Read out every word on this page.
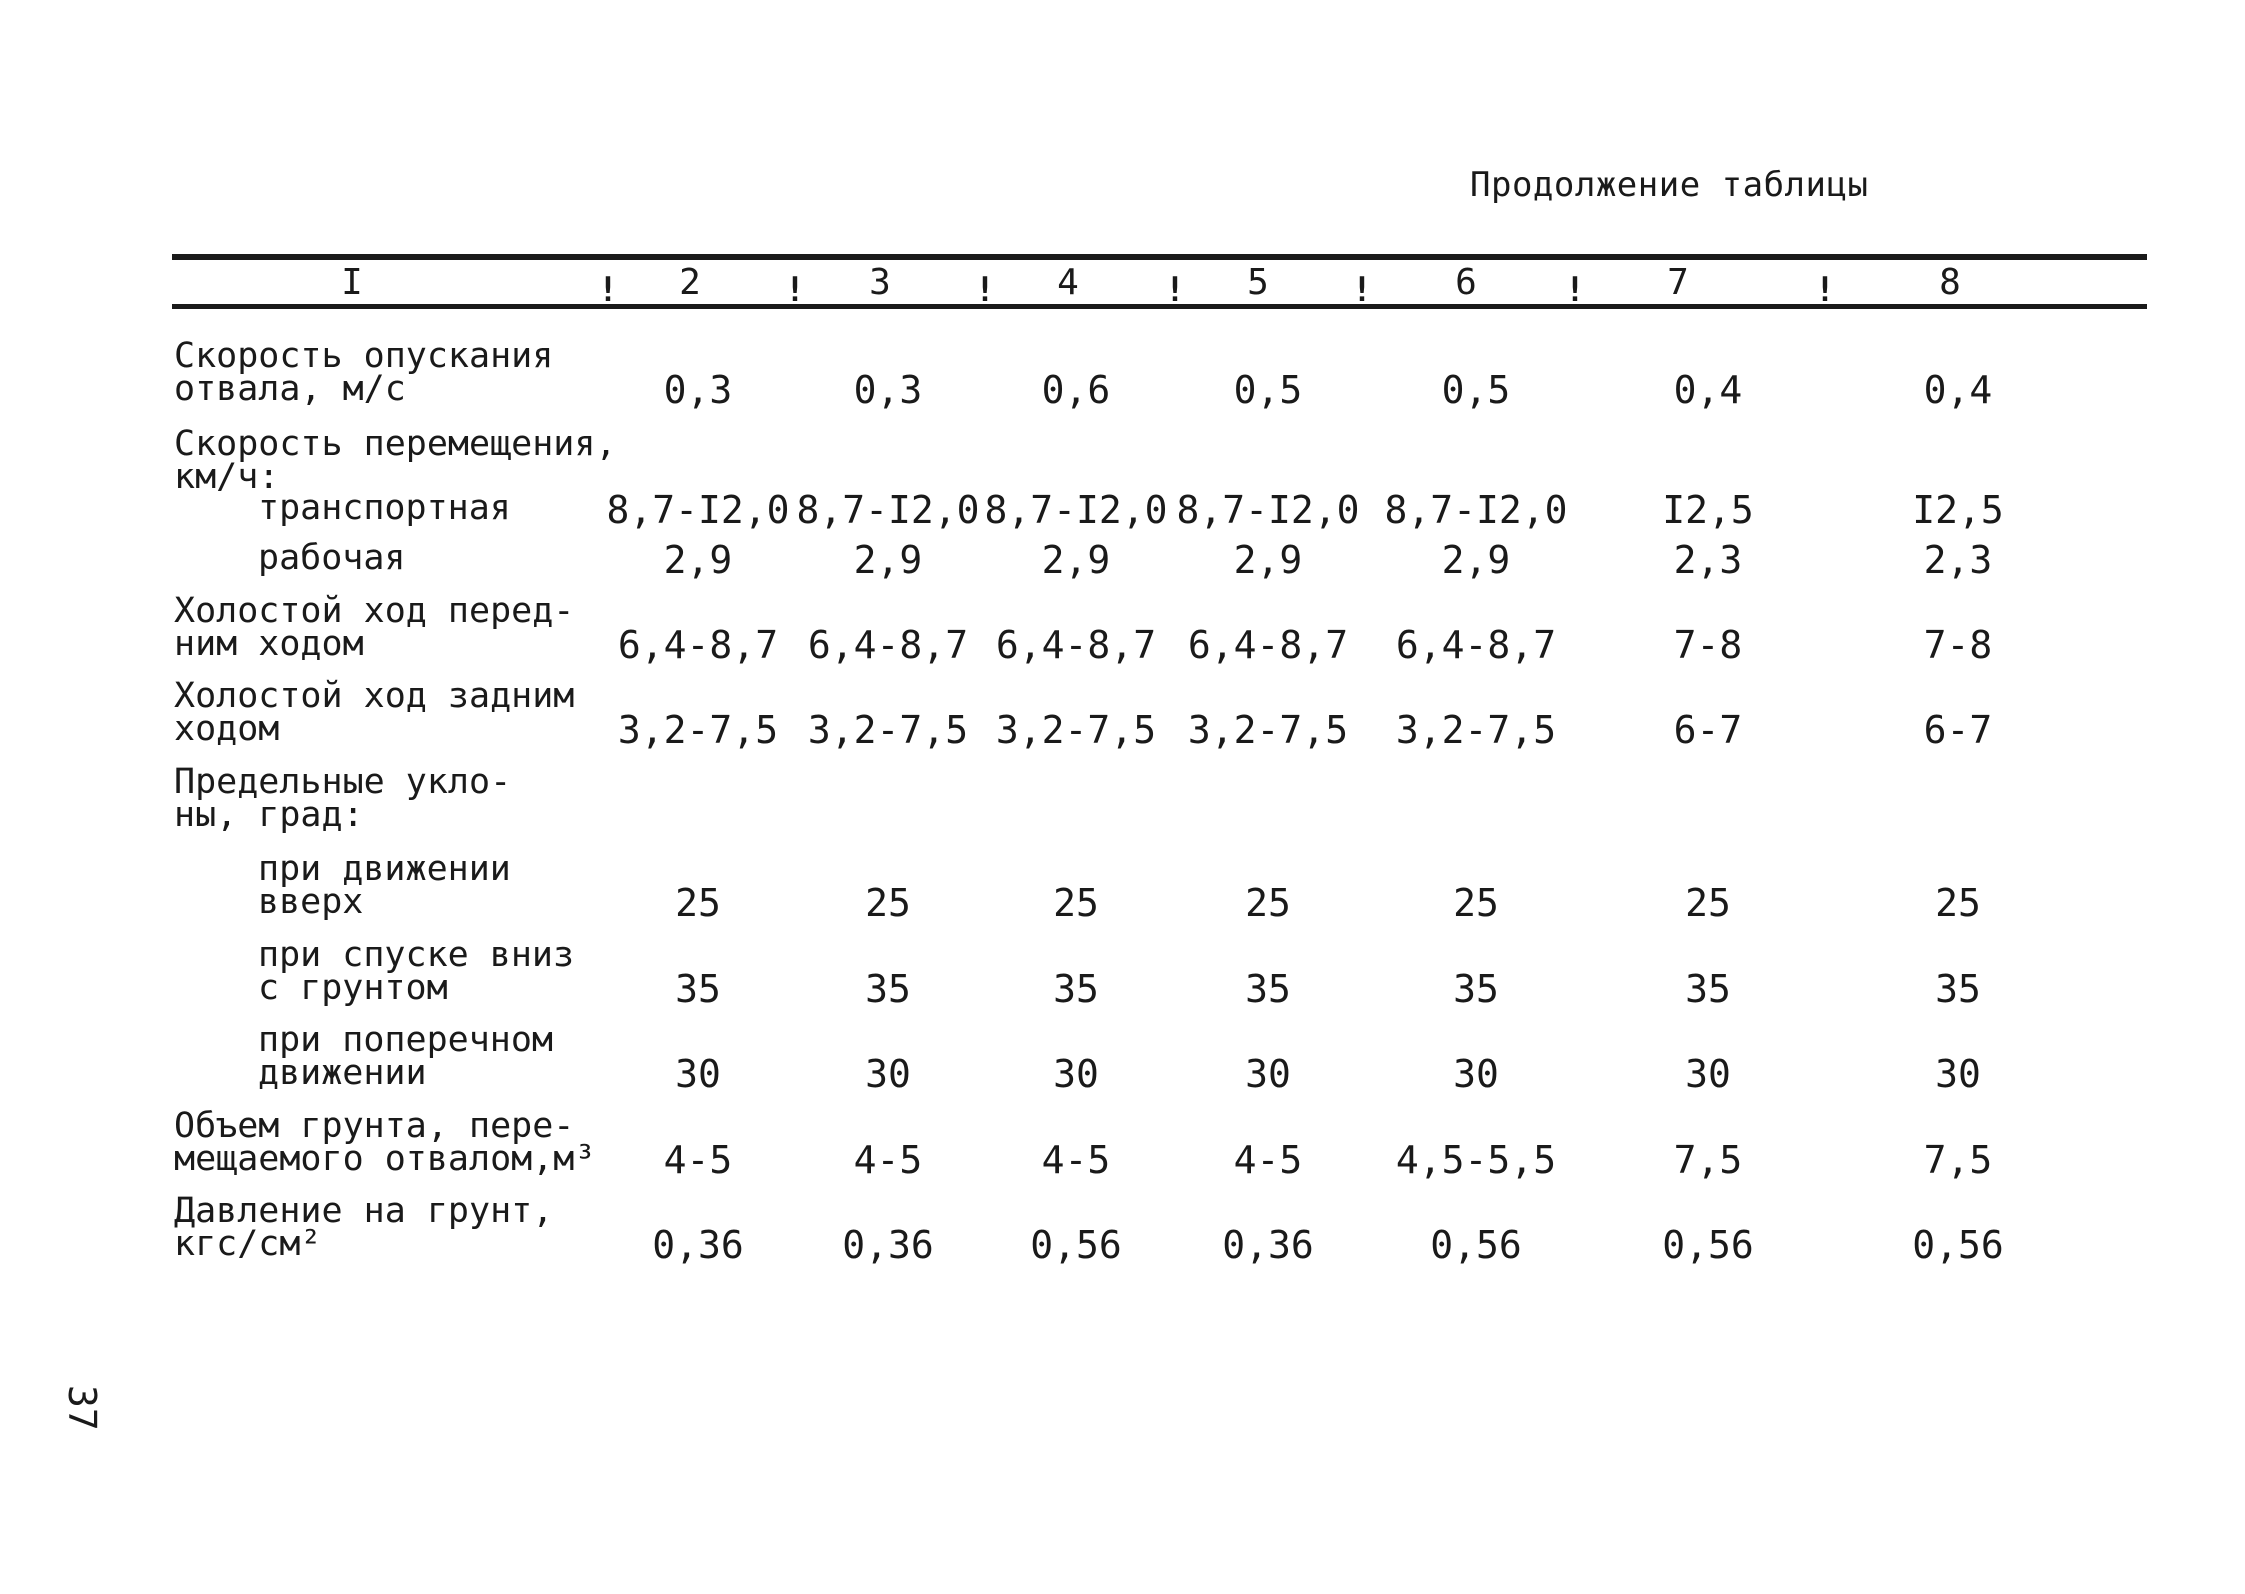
Продолжение таблицы
I	2	3	4	5	6	7	8
!	!	!	!	!	!	!
Скорость опускания
отвала, м/с	0,3	0,3	0,6	0,5	0,5	0,4	0,4
Скорость перемещения,
км/ч:
транспортная	8,7-I2,0 8,7-I2,0 8,7-I2,0 8,7-I2,0 8,7-I2,0 I2,5	I2,5
рабочая	2,9	2,9	2,9	2,9	2,9	2,3	2,3
Холостой ход перед-
ним ходом	6,4-8,7 6,4-8,7 6,4-8,7 6,4-8,7 6,4-8,7	7-8	7-8
Холостой ход задним
ходом	3,2-7,5 3,2-7,5 3,2-7,5 3,2-7,5 3,2-7,5	6-7	6-7
Предельные укло-
ны, град:
при движении
вверх	25	25	25	25	25	25	25
при спуске вниз
с грунтом	35	35	35	35	35	35	35
при поперечном
движении	30	30	30	30	30	30	30
Объем грунта, пере-
мещаемого отвалом,м³ 4-5	4-5	4-5	4-5 4,5-5,5	7,5	7,5
Давление на грунт,
кгс/см²	0,36	0,36	0,56	0,36	0,56	0,56	0,56
37
